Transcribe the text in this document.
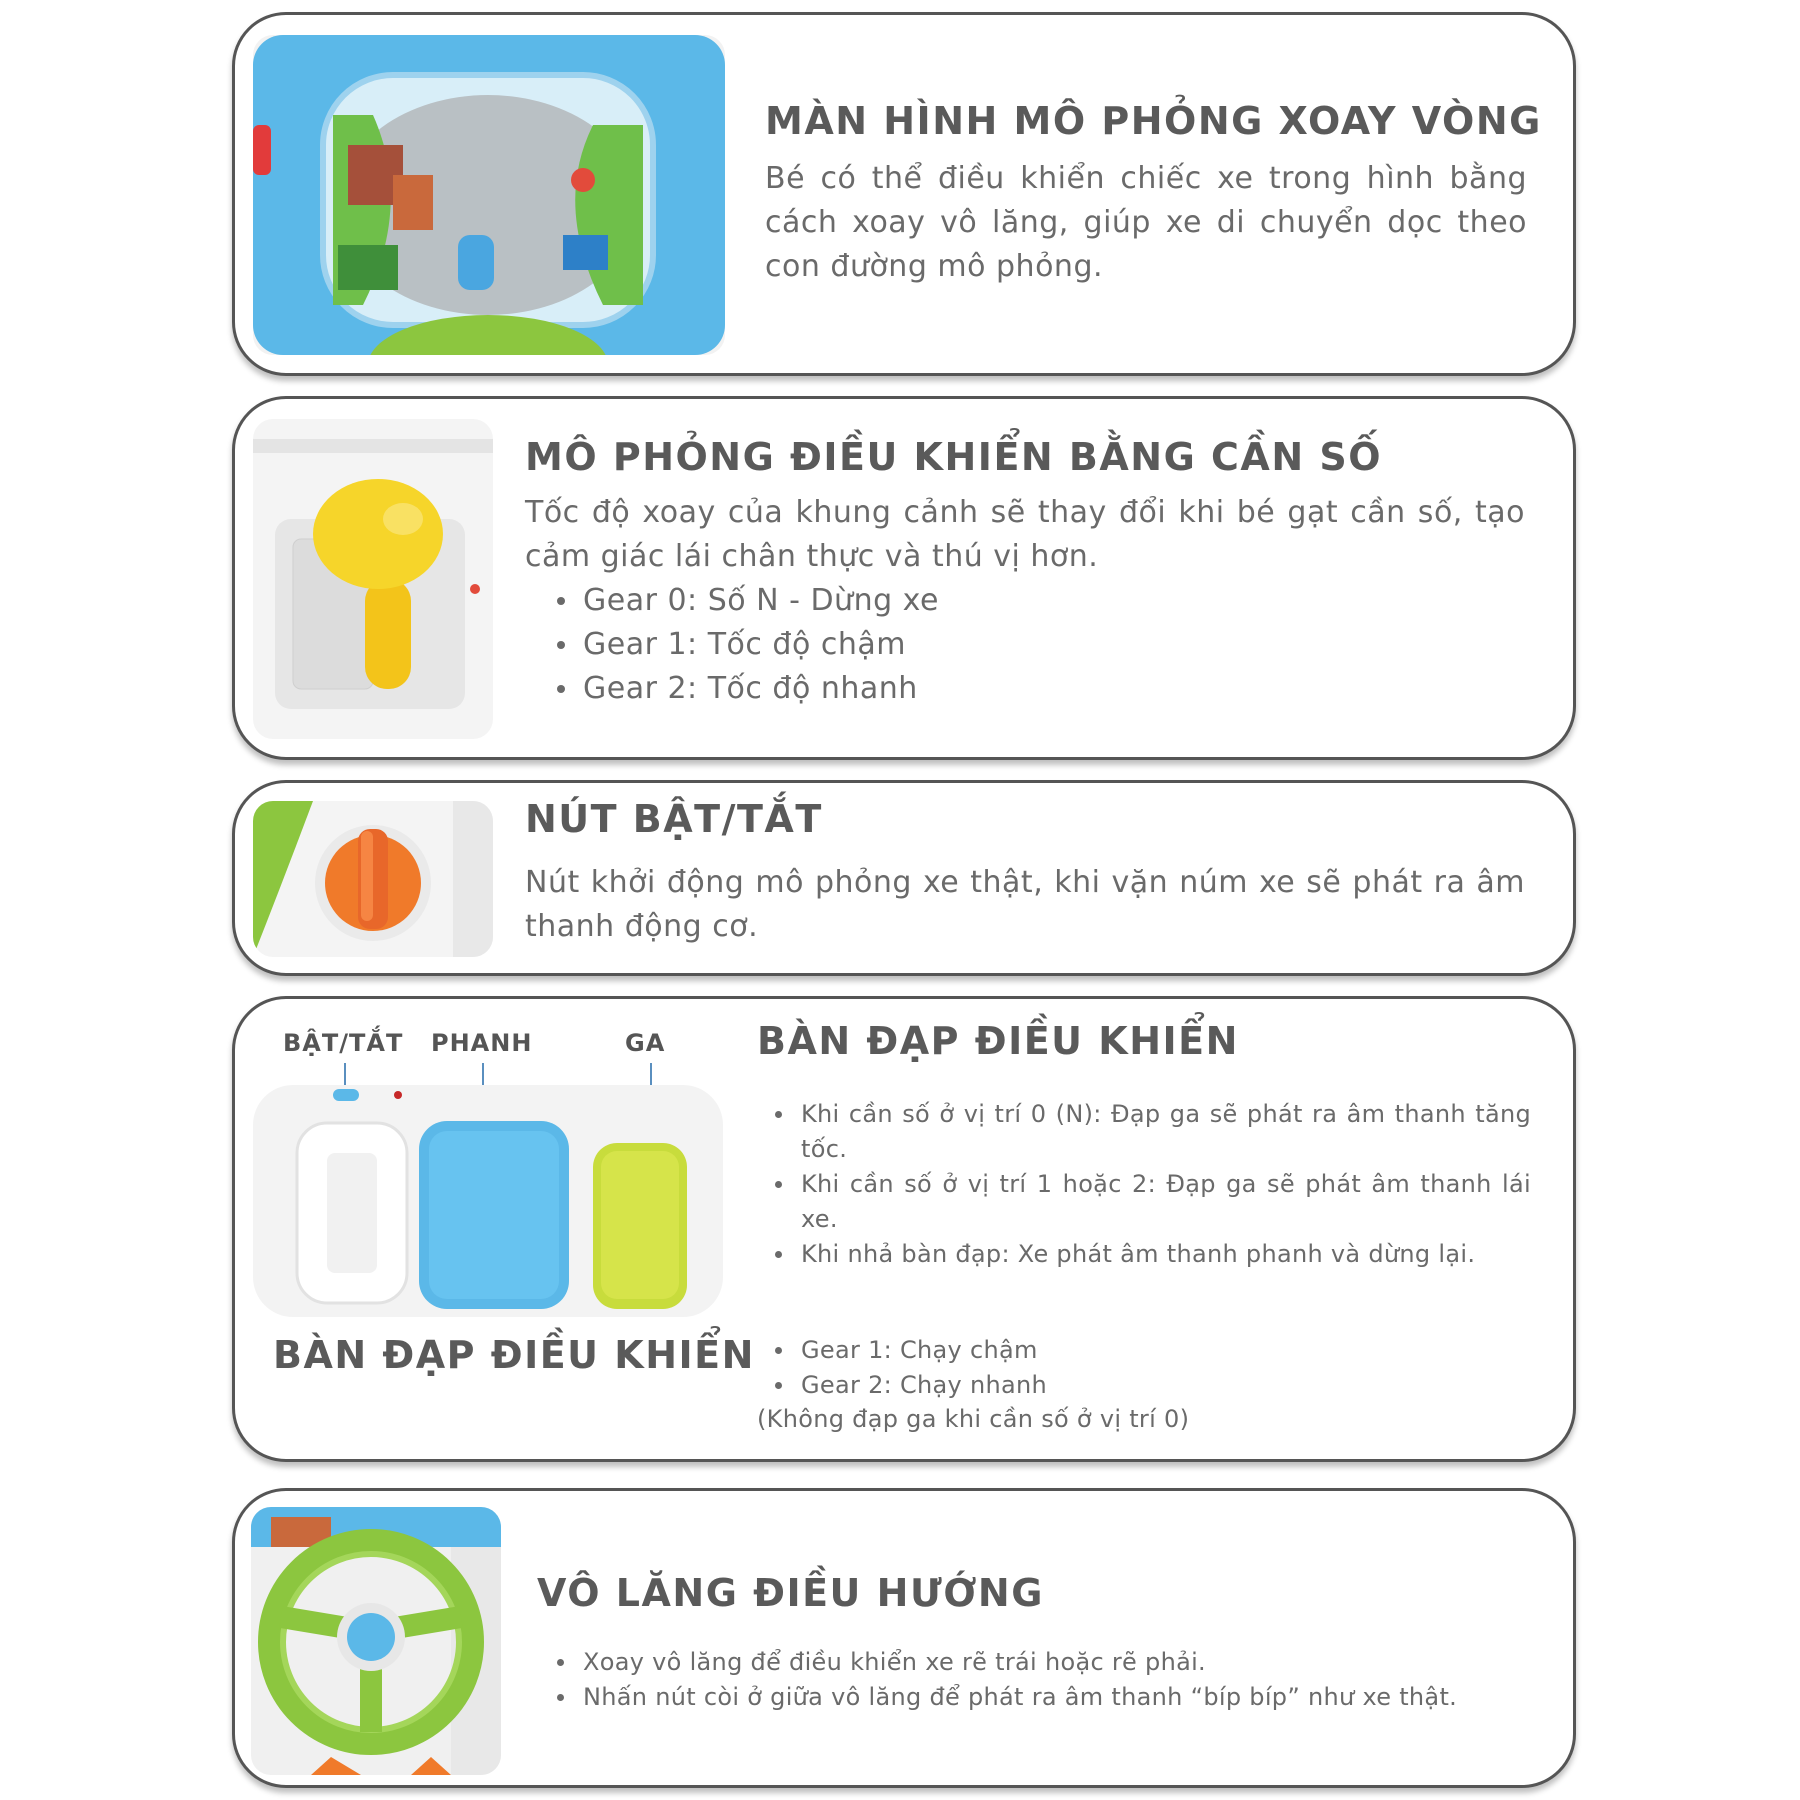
MÀN HÌNH MÔ PHỎNG XOAY VÒNG

Bé có thể điều khiển chiếc xe trong hình bằng cách xoay vô lăng, giúp xe di chuyển dọc theo con đường mô phỏng.

MÔ PHỎNG ĐIỀU KHIỂN BẰNG CẦN SỐ

Tốc độ xoay của khung cảnh sẽ thay đổi khi bé gạt cần số, tạo cảm giác lái chân thực và thú vị hơn.

Gear 0: Số N - Dừng xe
Gear 1: Tốc độ chậm
Gear 2: Tốc độ nhanh
NÚT BẬT/TẮT

Nút khởi động mô phỏng xe thật, khi vặn núm xe sẽ phát ra âm thanh động cơ.

BẬT/TẮT PHANH	GA BÀN ĐẠP ĐIỀU KHIỂN
Khi cần số ở vị trí 0 (N): Đạp ga sẽ phát ra âm thanh tăng tốc.
Khi cần số ở vị trí 1 hoặc 2: Đạp ga sẽ phát âm thanh lái xe.
Khi nhả bàn đạp: Xe phát âm thanh phanh và dừng lại.
BÀN ĐẠP ĐIỀU KHIỂN	Gear 1: Chạy chậm
Gear 2: Chạy nhanh
(Không đạp ga khi cần số ở vị trí 0)
VÔ LĂNG ĐIỀU HƯỚNG
Xoay vô lăng để điều khiển xe rẽ trái hoặc rẽ phải.
Nhấn nút còi ở giữa vô lăng để phát ra âm thanh “bíp bíp” như xe thật.
